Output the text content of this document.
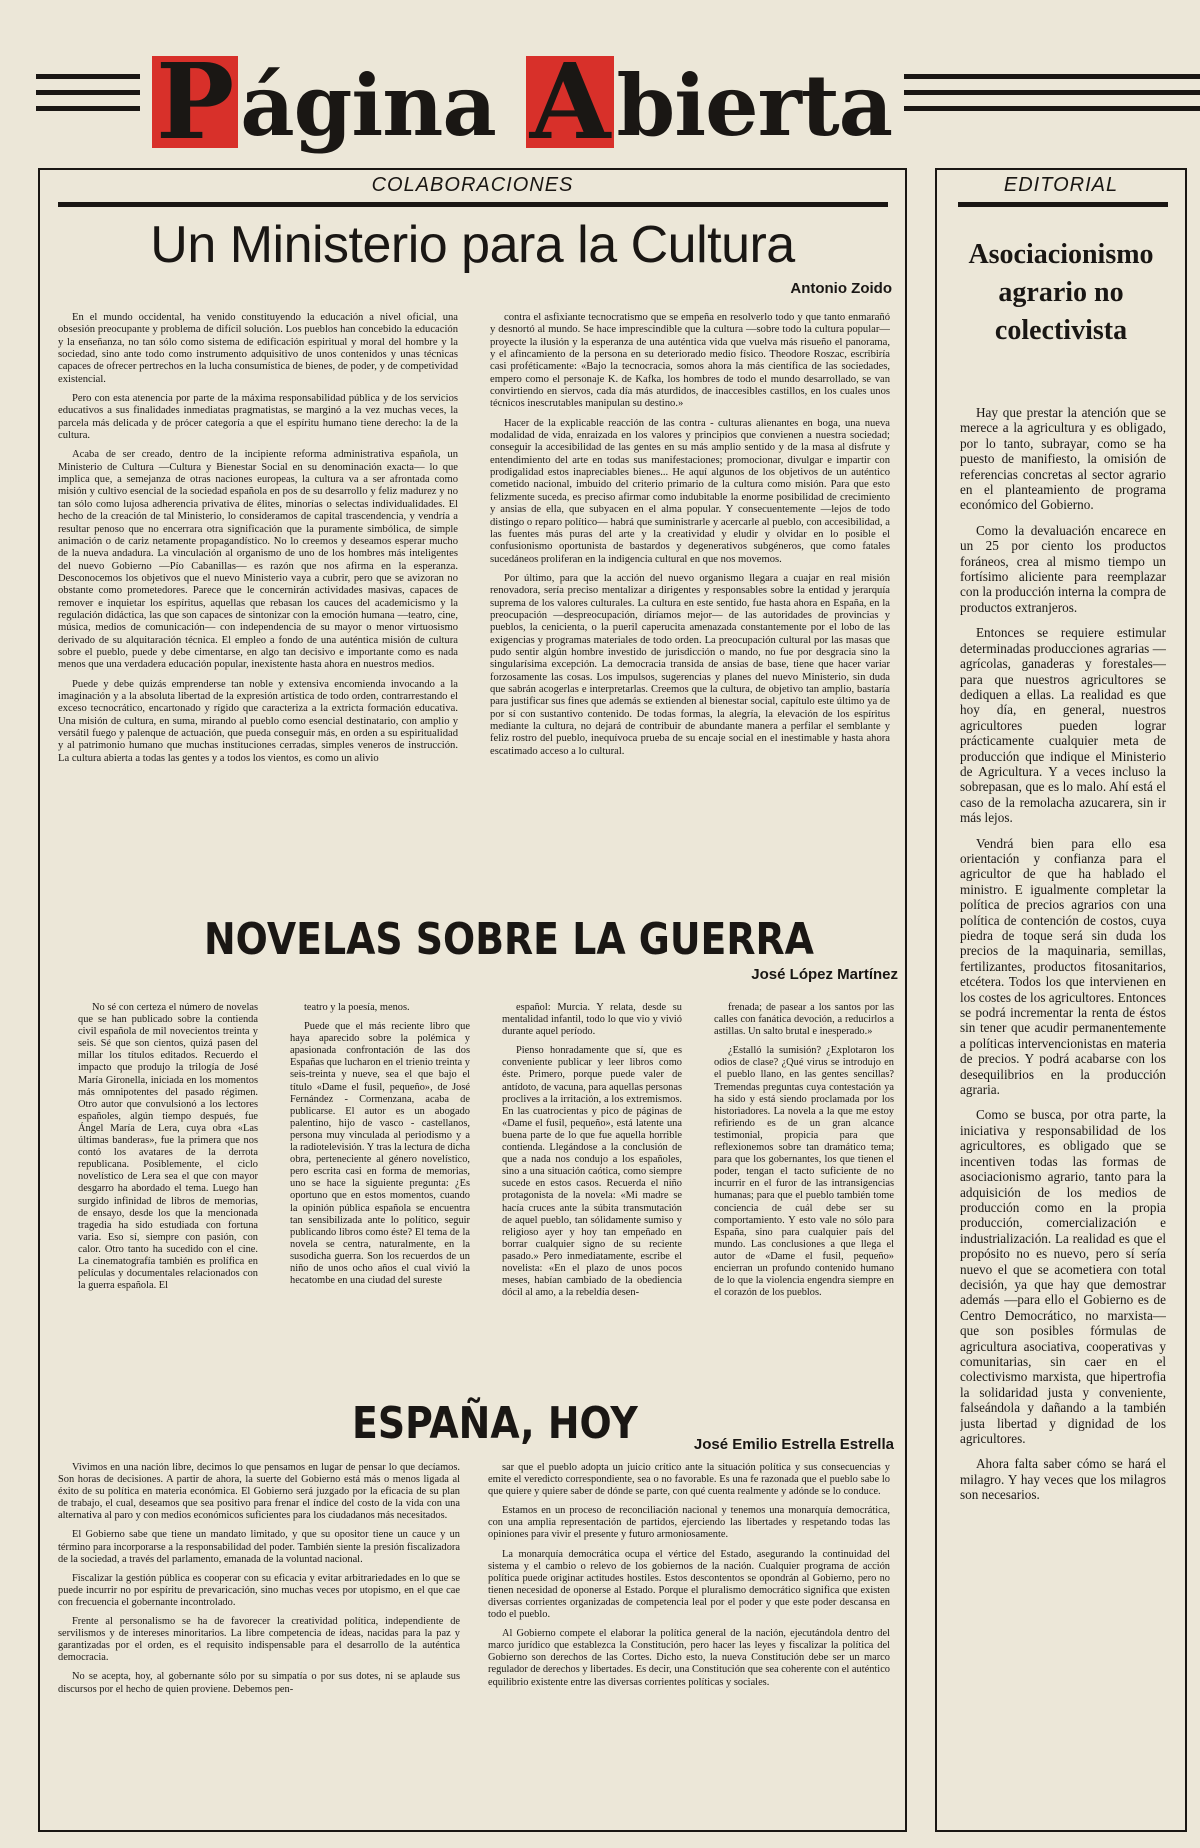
P ágina A bierta
COLABORACIONES
Un Ministerio para la Cultura
Antonio Zoido

En el mundo occidental, ha venido constituyendo la educación a nivel oficial, una obsesión preocupante y problema de difícil solución. Los pueblos han concebido la educación y la enseñanza, no tan sólo como sistema de edificación espiritual y moral del hombre y la sociedad, sino ante todo como instrumento adquisitivo de unos contenidos y unas técnicas capaces de ofrecer pertrechos en la lucha consumística de bienes, de poder, y de competividad existencial.

Pero con esta atenencia por parte de la máxima responsabilidad pública y de los servicios educativos a sus finalidades inmediatas pragmatistas, se marginó a la vez muchas veces, la parcela más delicada y de prócer categoría a que el espíritu humano tiene derecho: la de la cultura.

Acaba de ser creado, dentro de la incipiente reforma administrativa española, un Ministerio de Cultura —Cultura y Bienestar Social en su denominación exacta— lo que implica que, a semejanza de otras naciones europeas, la cultura va a ser afrontada como misión y cultivo esencial de la sociedad española en pos de su desarrollo y feliz madurez y no tan sólo como lujosa adherencia privativa de élites, minorías o selectas individualidades. El hecho de la creación de tal Ministerio, lo consideramos de capital trascendencia, y vendría a resultar penoso que no encerrara otra significación que la puramente simbólica, de simple animación o de cariz netamente propagandístico. No lo creemos y deseamos esperar mucho de la nueva andadura. La vinculación al organismo de uno de los hombres más inteligentes del nuevo Gobierno —Pío Cabanillas— es razón que nos afirma en la esperanza. Desconocemos los objetivos que el nuevo Ministerio vaya a cubrir, pero que se avizoran no obstante como prometedores. Parece que le concernirán actividades masivas, capaces de remover e inquietar los espíritus, aquellas que rebasan los cauces del academicismo y la regulación didáctica, las que son capaces de sintonizar con la emoción humana —teatro, cine, música, medios de comunicación— con independencia de su mayor o menor virtuosismo derivado de su alquitaración técnica. El empleo a fondo de una auténtica misión de cultura sobre el pueblo, puede y debe cimentarse, en algo tan decisivo e importante como es nada menos que una verdadera educación popular, inexistente hasta ahora en nuestros medios.

Puede y debe quizás emprenderse tan noble y extensiva encomienda invocando a la imaginación y a la absoluta libertad de la expresión artística de todo orden, contrarrestando el exceso tecnocrático, encartonado y rígido que caracteriza a la extricta formación educativa. Una misión de cultura, en suma, mirando al pueblo como esencial destinatario, con amplio y versátil fuego y palenque de actuación, que pueda conseguir más, en orden a su espiritualidad y al patrimonio humano que muchas instituciones cerradas, simples veneros de instrucción. La cultura abierta a todas las gentes y a todos los vientos, es como un alivio

contra el asfixiante tecnocratismo que se empeña en resolverlo todo y que tanto enmarañó y desnortó al mundo. Se hace imprescindible que la cultura —sobre todo la cultura popular— proyecte la ilusión y la esperanza de una auténtica vida que vuelva más risueño el panorama, y el afincamiento de la persona en su deteriorado medio físico. Theodore Roszac, escribiría casi proféticamente: «Bajo la tecnocracia, somos ahora la más científica de las sociedades, empero como el personaje K. de Kafka, los hombres de todo el mundo desarrollado, se van convirtiendo en siervos, cada día más aturdidos, de inaccesibles castillos, en los cuales unos técnicos inescrutables manipulan su destino.»

Hacer de la explicable reacción de las contra - culturas alienantes en boga, una nueva modalidad de vida, enraizada en los valores y principios que convienen a nuestra sociedad; conseguir la accesibilidad de las gentes en su más amplio sentido y de la masa al disfrute y entendimiento del arte en todas sus manifestaciones; promocionar, divulgar e impartir con prodigalidad estos inapreciables bienes... He aquí algunos de los objetivos de un auténtico cometido nacional, imbuido del criterio primario de la cultura como misión. Para que esto felizmente suceda, es preciso afirmar como indubitable la enorme posibilidad de crecimiento y ansias de ella, que subyacen en el alma popular. Y consecuentemente —lejos de todo distingo o reparo político— habrá que suministrarle y acercarle al pueblo, con accesibilidad, a las fuentes más puras del arte y la creatividad y eludir y olvidar en lo posible el confusionismo oportunista de bastardos y degenerativos subgéneros, que como fatales sucedáneos proliferan en la indigencia cultural en que nos movemos.

Por último, para que la acción del nuevo organismo llegara a cuajar en real misión renovadora, sería preciso mentalizar a dirigentes y responsables sobre la entidad y jerarquía suprema de los valores culturales. La cultura en este sentido, fue hasta ahora en España, en la preocupación —despreocupación, diríamos mejor— de las autoridades de provincias y pueblos, la cenicienta, o la pueril caperucita amenazada constantemente por el lobo de las exigencias y programas materiales de todo orden. La preocupación cultural por las masas que pudo sentir algún hombre investido de jurisdicción o mando, no fue por desgracia sino la singularísima excepción. La democracia transida de ansias de base, tiene que hacer variar forzosamente las cosas. Los impulsos, sugerencias y planes del nuevo Ministerio, sin duda que sabrán acogerlas e interpretarlas. Creemos que la cultura, de objetivo tan amplio, bastaría para justificar sus fines que además se extienden al bienestar social, capítulo este último ya de por sí con sustantivo contenido. De todas formas, la alegría, la elevación de los espíritus mediante la cultura, no dejará de contribuir de abundante manera a perfilar el semblante y feliz rostro del pueblo, inequívoca prueba de su encaje social en el inestimable y hasta ahora escatimado acceso a lo cultural.

NOVELAS SOBRE LA GUERRA
José López Martínez

No sé con certeza el número de novelas que se han publicado sobre la contienda civil española de mil novecientos treinta y seis. Sé que son cientos, quizá pasen del millar los títulos editados. Recuerdo el impacto que produjo la trilogía de José María Gironella, iniciada en los momentos más omnipotentes del pasado régimen. Otro autor que convulsionó a los lectores españoles, algún tiempo después, fue Ángel María de Lera, cuya obra «Las últimas banderas», fue la primera que nos contó los avatares de la derrota republicana. Posiblemente, el ciclo novelístico de Lera sea el que con mayor desgarro ha abordado el tema. Luego han surgido infinidad de libros de memorias, de ensayo, desde los que la mencionada tragedia ha sido estudiada con fortuna varia. Eso sí, siempre con pasión, con calor. Otro tanto ha sucedido con el cine. La cinematografía también es prolífica en películas y documentales relacionados con la guerra española. El

teatro y la poesía, menos.

Puede que el más reciente libro que haya aparecido sobre la polémica y apasionada confrontación de las dos Españas que lucharon en el trienio treinta y seis-treinta y nueve, sea el que bajo el título «Dame el fusil, pequeño», de José Fernández - Cormenzana, acaba de publicarse. El autor es un abogado palentino, hijo de vasco - castellanos, persona muy vinculada al periodismo y a la radiotelevisión. Y tras la lectura de dicha obra, perteneciente al género novelístico, pero escrita casi en forma de memorias, uno se hace la siguiente pregunta: ¿Es oportuno que en estos momentos, cuando la opinión pública española se encuentra tan sensibilizada ante lo político, seguir publicando libros como éste? El tema de la novela se centra, naturalmente, en la susodicha guerra. Son los recuerdos de un niño de unos ocho años el cual vivió la hecatombe en una ciudad del sureste

español: Murcia. Y relata, desde su mentalidad infantil, todo lo que vio y vivió durante aquel período.

Pienso honradamente que sí, que es conveniente publicar y leer libros como éste. Primero, porque puede valer de antídoto, de vacuna, para aquellas personas proclives a la irritación, a los extremismos. En las cuatrocientas y pico de páginas de «Dame el fusil, pequeño», está latente una buena parte de lo que fue aquella horrible contienda. Llegándose a la conclusión de que a nada nos condujo a los españoles, sino a una situación caótica, como siempre sucede en estos casos. Recuerda el niño protagonista de la novela: «Mi madre se hacía cruces ante la súbita transmutación de aquel pueblo, tan sólidamente sumiso y religioso ayer y hoy tan empeñado en borrar cualquier signo de su reciente pasado.» Pero inmediatamente, escribe el novelista: «En el plazo de unos pocos meses, habían cambiado de la obediencia dócil al amo, a la rebeldía desen-

frenada; de pasear a los santos por las calles con fanática devoción, a reducirlos a astillas. Un salto brutal e inesperado.»

¿Estalló la sumisión? ¿Explotaron los odios de clase? ¿Qué virus se introdujo en el pueblo llano, en las gentes sencillas? Tremendas preguntas cuya contestación ya ha sido y está siendo proclamada por los historiadores. La novela a la que me estoy refiriendo es de un gran alcance testimonial, propicia para que reflexionemos sobre tan dramático tema; para que los gobernantes, los que tienen el poder, tengan el tacto suficiente de no incurrir en el furor de las intransigencias humanas; para que el pueblo también tome conciencia de cuál debe ser su comportamiento. Y esto vale no sólo para España, sino para cualquier país del mundo. Las conclusiones a que llega el autor de «Dame el fusil, pequeño» encierran un profundo contenido humano de lo que la violencia engendra siempre en el corazón de los pueblos.

ESPAÑA, HOY	José Emilio Estrella Estrella

Vivimos en una nación libre, decimos lo que pensamos en lugar de pensar lo que decíamos. Son horas de decisiones. A partir de ahora, la suerte del Gobierno está más o menos ligada al éxito de su política en materia económica. El Gobierno será juzgado por la eficacia de su plan de trabajo, el cual, deseamos que sea positivo para frenar el índice del costo de la vida con una alternativa al paro y con medios económicos suficientes para los ciudadanos más necesitados.

El Gobierno sabe que tiene un mandato limitado, y que su opositor tiene un cauce y un término para incorporarse a la responsabilidad del poder. También siente la presión fiscalizadora de la sociedad, a través del parlamento, emanada de la voluntad nacional.

Fiscalizar la gestión pública es cooperar con su eficacia y evitar arbitrariedades en lo que se puede incurrir no por espíritu de prevaricación, sino muchas veces por utopismo, en el que cae con frecuencia el gobernante incontrolado.

Frente al personalismo se ha de favorecer la creatividad política, independiente de servilismos y de intereses minoritarios. La libre competencia de ideas, nacidas para la paz y garantizadas por el orden, es el requisito indispensable para el desarrollo de la auténtica democracia.

No se acepta, hoy, al gobernante sólo por su simpatía o por sus dotes, ni se aplaude sus discursos por el hecho de quien proviene. Debemos pen-

sar que el pueblo adopta un juicio crítico ante la situación política y sus consecuencias y emite el veredicto correspondiente, sea o no favorable. Es una fe razonada que el pueblo sabe lo que quiere y quiere saber de dónde se parte, con qué cuenta realmente y adónde se lo conduce.

Estamos en un proceso de reconciliación nacional y tenemos una monarquía democrática, con una amplia representación de partidos, ejerciendo las libertades y respetando todas las opiniones para vivir el presente y futuro armoniosamente.

La monarquía democrática ocupa el vértice del Estado, asegurando la continuidad del sistema y el cambio o relevo de los gobiernos de la nación. Cualquier programa de acción política puede originar actitudes hostiles. Estos descontentos se opondrán al Gobierno, pero no tienen necesidad de oponerse al Estado. Porque el pluralismo democrático significa que existen diversas corrientes organizadas de competencia leal por el poder y que este poder descansa en todo el pueblo.

Al Gobierno compete el elaborar la política general de la nación, ejecutándola dentro del marco jurídico que establezca la Constitución, pero hacer las leyes y fiscalizar la política del Gobierno son derechos de las Cortes. Dicho esto, la nueva Constitución debe ser un marco regulador de derechos y libertades. Es decir, una Constitución que sea coherente con el auténtico equilibrio existente entre las diversas corrientes políticas y sociales.

EDITORIAL
Asociacionismo agrario no colectivista

Hay que prestar la atención que se merece a la agricultura y es obligado, por lo tanto, subrayar, como se ha puesto de manifiesto, la omisión de referencias concretas al sector agrario en el planteamiento de programa económico del Gobierno.

Como la devaluación encarece en un 25 por ciento los productos foráneos, crea al mismo tiempo un fortísimo aliciente para reemplazar con la producción interna la compra de productos extranjeros.

Entonces se requiere estimular determinadas producciones agrarias —agrícolas, ganaderas y forestales— para que nuestros agricultores se dediquen a ellas. La realidad es que hoy día, en general, nuestros agricultores pueden lograr prácticamente cualquier meta de producción que indique el Ministerio de Agricultura. Y a veces incluso la sobrepasan, que es lo malo. Ahí está el caso de la remolacha azucarera, sin ir más lejos.

Vendrá bien para ello esa orientación y confianza para el agricultor de que ha hablado el ministro. E igualmente completar la política de precios agrarios con una política de contención de costos, cuya piedra de toque será sin duda los precios de la maquinaria, semillas, fertilizantes, productos fitosanitarios, etcétera. Todos los que intervienen en los costes de los agricultores. Entonces se podrá incrementar la renta de éstos sin tener que acudir permanentemente a políticas intervencionistas en materia de precios. Y podrá acabarse con los desequilibrios en la producción agraria.

Como se busca, por otra parte, la iniciativa y responsabilidad de los agricultores, es obligado que se incentiven todas las formas de asociacionismo agrario, tanto para la adquisición de los medios de producción como en la propia producción, comercialización e industrialización. La realidad es que el propósito no es nuevo, pero sí sería nuevo el que se acometiera con total decisión, ya que hay que demostrar además —para ello el Gobierno es de Centro Democrático, no marxista— que son posibles fórmulas de agricultura asociativa, cooperativas y comunitarias, sin caer en el colectivismo marxista, que hipertrofia la solidaridad justa y conveniente, falseándola y dañando a la también justa libertad y dignidad de los agricultores.

Ahora falta saber cómo se hará el milagro. Y hay veces que los milagros son necesarios.
